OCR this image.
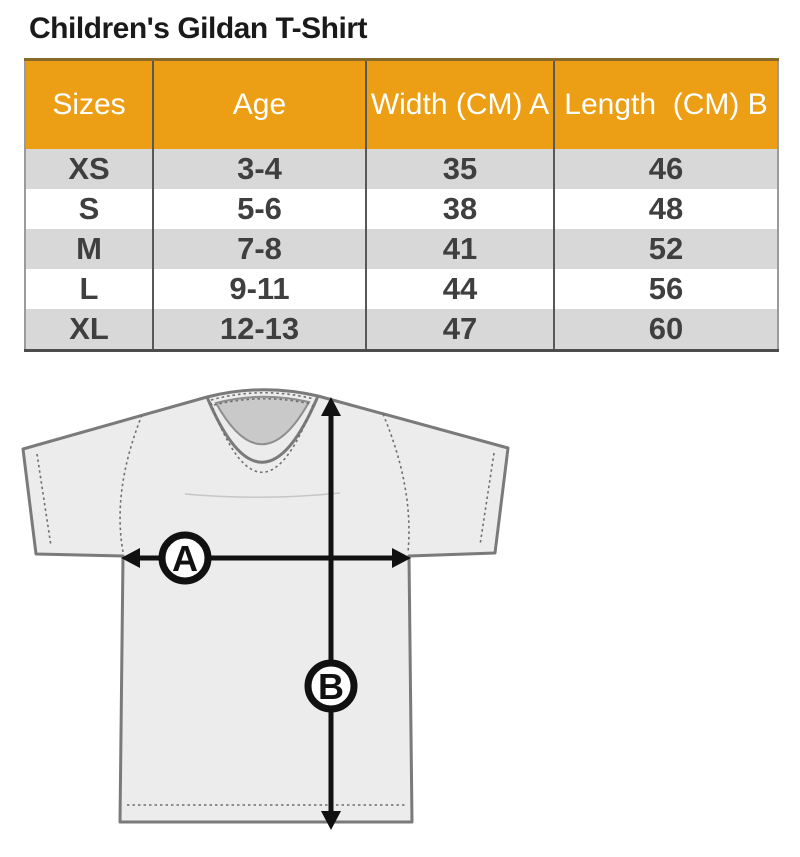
Children's Gildan T-Shirt
Sizes	Age	Width (CM) A	Length  (CM) B
XS	3-4	35	46
S	5-6	38	48
M	7-8	41	52
L	9-11	44	56
XL	12-13	47	60
A
B
